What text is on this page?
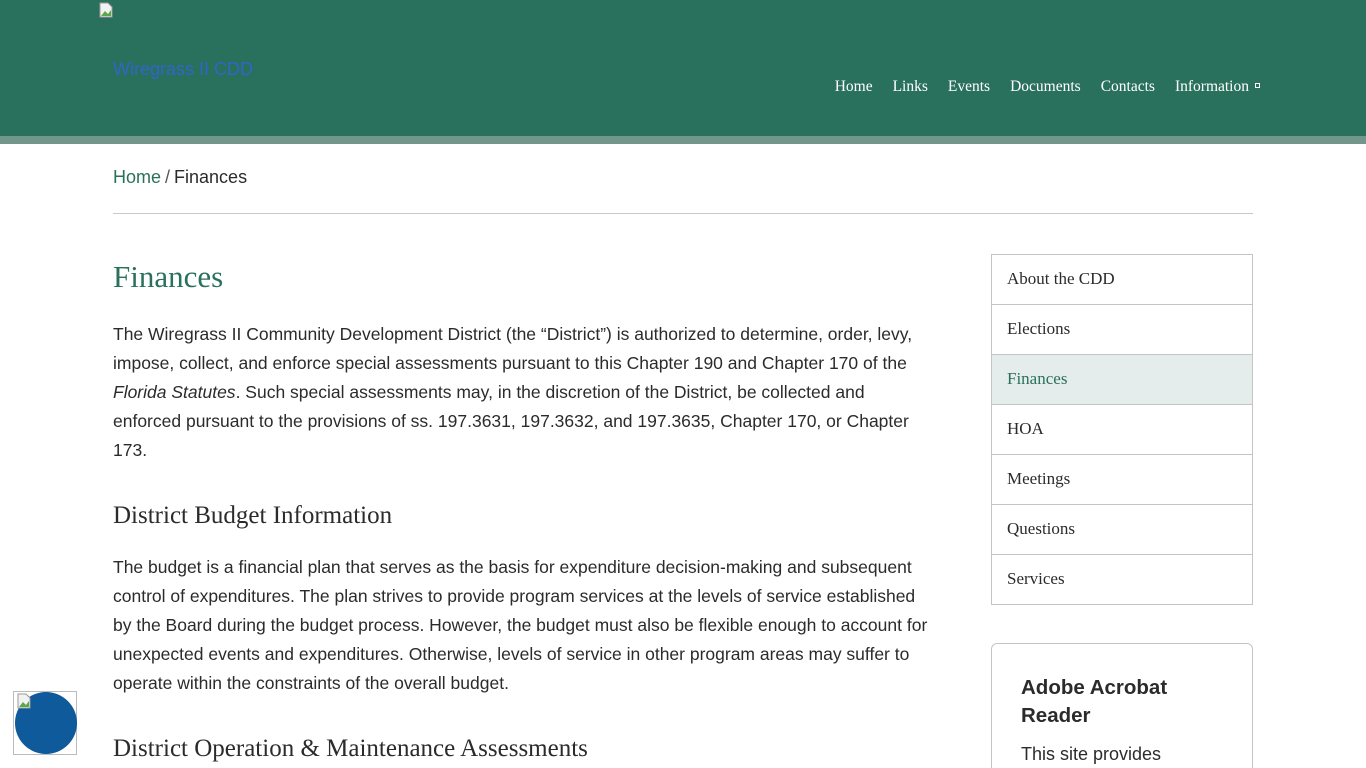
Wiregrass II CDD
Home Links Events Documents Contacts Information
Home / Finances
Finances

The Wiregrass II Community Development District (the “District”) is authorized to determine, order, levy, impose, collect, and enforce special assessments pursuant to this Chapter 190 and Chapter 170 of the Florida Statutes. Such special assessments may, in the discretion of the District, be collected and enforced pursuant to the provisions of ss. 197.3631, 197.3632, and 197.3635, Chapter 170, or Chapter 173.

District Budget Information

The budget is a financial plan that serves as the basis for expenditure decision-making and subsequent control of expenditures. The plan strives to provide program services at the levels of service established by the Board during the budget process. However, the budget must also be flexible enough to account for unexpected events and expenditures. Otherwise, levels of service in other program areas may suffer to operate within the constraints of the overall budget.

District Operation & Maintenance Assessments
About the CDD
Elections
Finances
HOA
Meetings
Questions
Services
Adobe Acrobat Reader
This site provides
